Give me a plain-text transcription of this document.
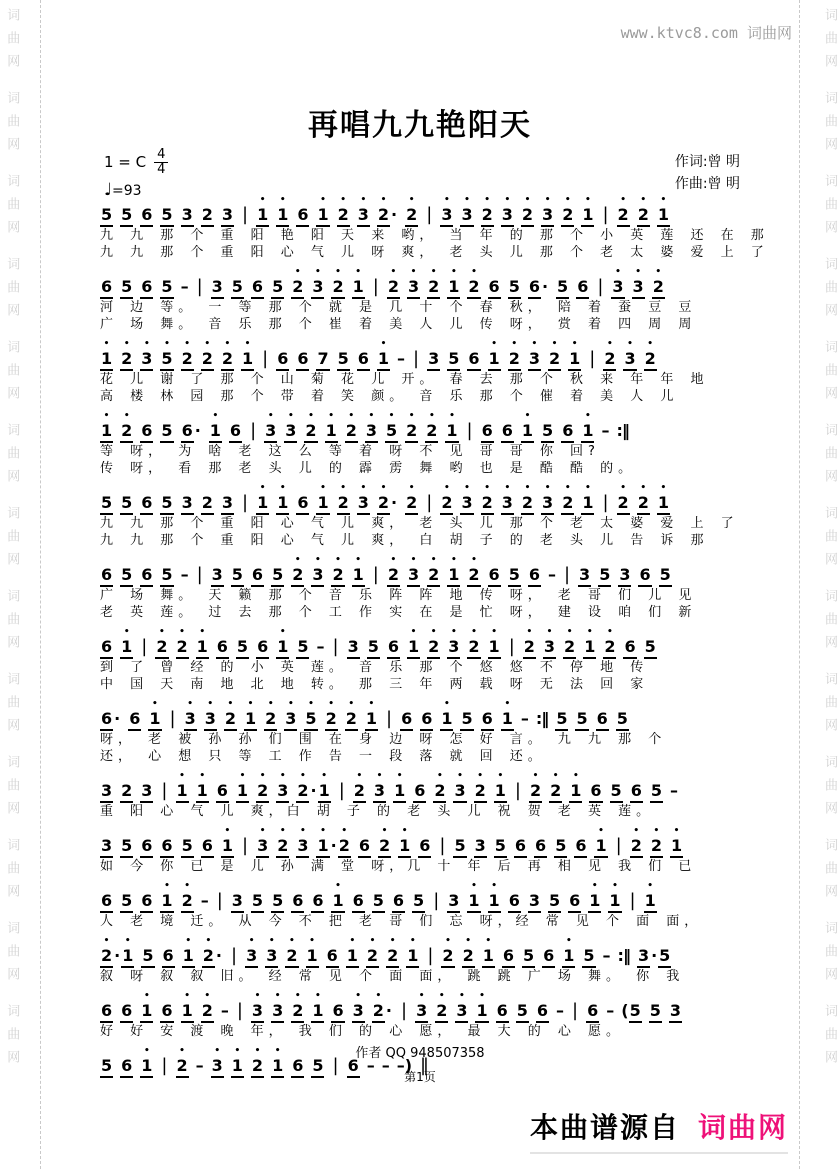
词曲网
词曲网
词曲网
词曲网
词曲网
词曲网
词曲网
词曲网
词曲网
词曲网
词曲网
词曲网
词曲网
词曲网
词曲网
词曲网
词曲网
词曲网
词曲网
词曲网
词曲网
词曲网
词曲网
词曲网
词曲网
词曲网
www.ktvc8.com 词曲网
再唱九九艳阳天
1 = C $\frac{4}{4}$
♩=93
作词:曾 明
作曲:曾 明
5 5 6 5 3 2 3 | 1
•
1
•
6 1
•
2
•
3
•
2
•
· 2
•
| 3
•
3
•
2
•
3
•
2
•
3
•
2
•
1
•
| 2
•
2
•
1
•
九 九 那 个 重 阳 艳 阳 天 来 哟， 当 年 的 那 个 小 英 莲 还 在 那
九 九 那 个 重 阳 心 气 儿 呀 爽， 老 头 儿 那 个 老 太 婆 爱 上 了
6 5 6 5 – | 3 5 6 5 2
•
3
•
2
•
1
•
| 2
•
3
•
2
•
1
•
2
•
6 5 6 · 5 6 | 3
•
3
•
2
•
河 边 等。 一 等 那 个 就 是 几 十 个 春 秋， 陪 着 蚕 豆 豆
广 场 舞。 音 乐 那 个 崔 着 美 人 儿 传 呀， 赏 着 四 周 周
1
•
2
•
3
•
5
•
2
•
2
•
2
•
1
•
| 6 6 7 5 6 1
•
– | 3 5 6 1
•
2
•
3
•
2
•
1
•
| 2
•
3
•
2
•
花 儿 谢 了 那 个 山 菊 花 儿 开。 春 去 那 个 秋 来 年 年 地
高 楼 林 园 那 个 带 着 笑 颜。 音 乐 那 个 催 着 美 人 儿
1
•
2
•
6 5 6 · 1
•
6 | 3
•
3
•
2
•
1
•
2
•
3
•
5
•
2
•
2
•
1
•
| 6 6 1
•
5 6 1
•
– :‖
等 呀， 为 啥 老 这 么 等 着 呀 不 见 哥 哥 你 回?
传 呀， 看 那 老 头 儿 的 霹 雳 舞 哟 也 是 酷 酷 的。
5 5 6 5 3 2 3 | 1
•
1
•
6 1
•
2
•
3
•
2
•
· 2
•
| 2
•
3
•
2
•
3
•
2
•
3
•
2
•
1
•
| 2
•
2
•
1
•
九 九 那 个 重 阳 心 气 儿 爽， 老 头 儿 那 个 老 太 婆 爱 上 了
九 九 那 个 重 阳 心 气 儿 爽， 白 胡 子 的 老 头 儿 告 诉 那
6 5 6 5 – | 3 5 6 5 2
•
3
•
2
•
1
•
| 2
•
3
•
2
•
1
•
2
•
6 5 6 – | 3 5 3 6 5
广 场 舞。 天 籁 那 个 音 乐 阵 阵 地 传 呀， 老 哥 们 儿 见
老 英 莲。 过 去 那 个 工 作 实 在 是 忙 呀， 建 设 咱 们 新
6 1
•
| 2
•
2
•
1
•
6 5 6 1
•
5 – | 3 5 6 1
•
2
•
3
•
2
•
1
•
| 2
•
3
•
2
•
1
•
2
•
6 5
到 了 曾 经 的 小 英 莲。 音 乐 那 个 悠 悠 不 停 地 传
中 国 天 南 地 北 地 转。 那 三 年 两 载 呀 无 法 回 家
6 · 6 1
•
| 3
•
3
•
2
•
1
•
2
•
3
•
5
•
2
•
2
•
1
•
| 6 6 1
•
5 6 1
•
– :‖ 5 5 6 5
呀， 老 被 孙 孙 们 围 在 身 边 呀 怎 好 言。 九 九 那 个
还， 心 想 只 等 工 作 告 一 段 落 就 回 还。
3 2 3 | 1
•
1
•
6 1
•
2
•
3
•
2
•
· 1
•
| 2
•
3
•
1
•
6 2
•
3
•
2
•
1
•
| 2
•
2
•
1
•
6 5 6 5 –
重 阳 心 气 儿 爽，白 胡 子 的 老 头 儿 祝 贺 老 英 莲。
3 5 6 6 5 6 1
•
| 3
•
2
•
3
•
1
•
· 2
•
6 2
•
1
•
6 | 5 3 5 6 6 5 6 1
•
| 2
•
2
•
1
•
如 今 你 已 是 儿 孙 满 堂 呀，几 十 年 后 再 相 见 我 们 已
6 5 6 1
•
2
•
– | 3 5 5 6 6 1
•
6 5 6 5 | 3 1
•
1
•
6 3 5 6 1
•
1
•
| 1
•
人 老 境 迁。 从 今 不 把 老 哥 们 忘 呀，经 常 见 个 面 面，
2
•
· 1
•
5 6 1
•
2
•
· | 3
•
3
•
2
•
1
•
6 1
•
2
•
2
•
1
•
| 2
•
2
•
1
•
6 5 6 1
•
5 – :‖ 3 · 5
叙 呀 叙 叙 旧。 经 常 见 个 面 面， 跳 跳 广 场 舞。 你 我
6 6 1
•
6 1
•
2
•
– | 3
•
3
•
2
•
1
•
6 3
•
2
•
· | 3
•
2
•
3
•
1
•
6 5 6 – | 6 – (5 5 3
好 好 安 渡 晚 年， 我 们 的 心 愿， 最 大 的 心 愿。
5 6 1
•
| 2
•
– 3
•
1
•
2
•
1
•
6 5 | 6 – – –) ‖
作者 QQ 948507358
第1页
本曲谱源自 词曲网
